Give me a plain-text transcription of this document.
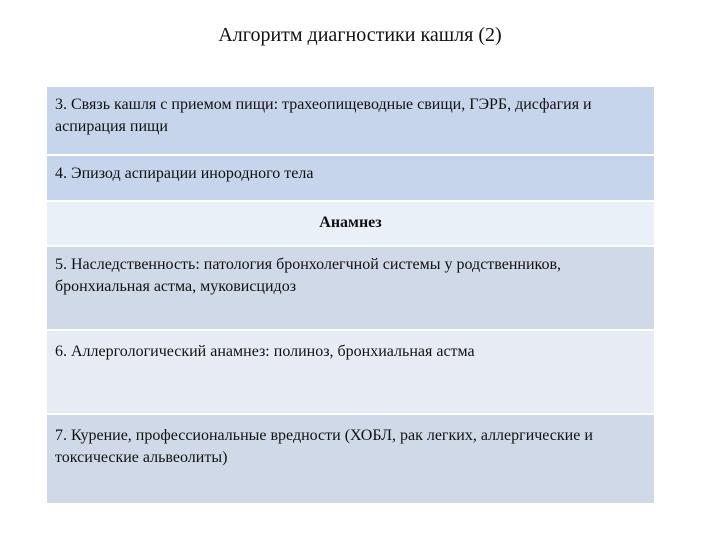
Алгоритм диагностики кашля (2)
3. Связь кашля с приемом пищи: трахеопищеводные свищи, ГЭРБ, дисфагия и аспирация пищи
4. Эпизод аспирации инородного тела
Анамнез
5. Наследственность: патология бронхолегчной системы у родственников, бронхиальная астма, муковисцидоз
6. Аллергологический анамнез: полиноз, бронхиальная астма
7. Курение, профессиональные вредности (ХОБЛ, рак легких, аллергические и токсические альвеолиты)
